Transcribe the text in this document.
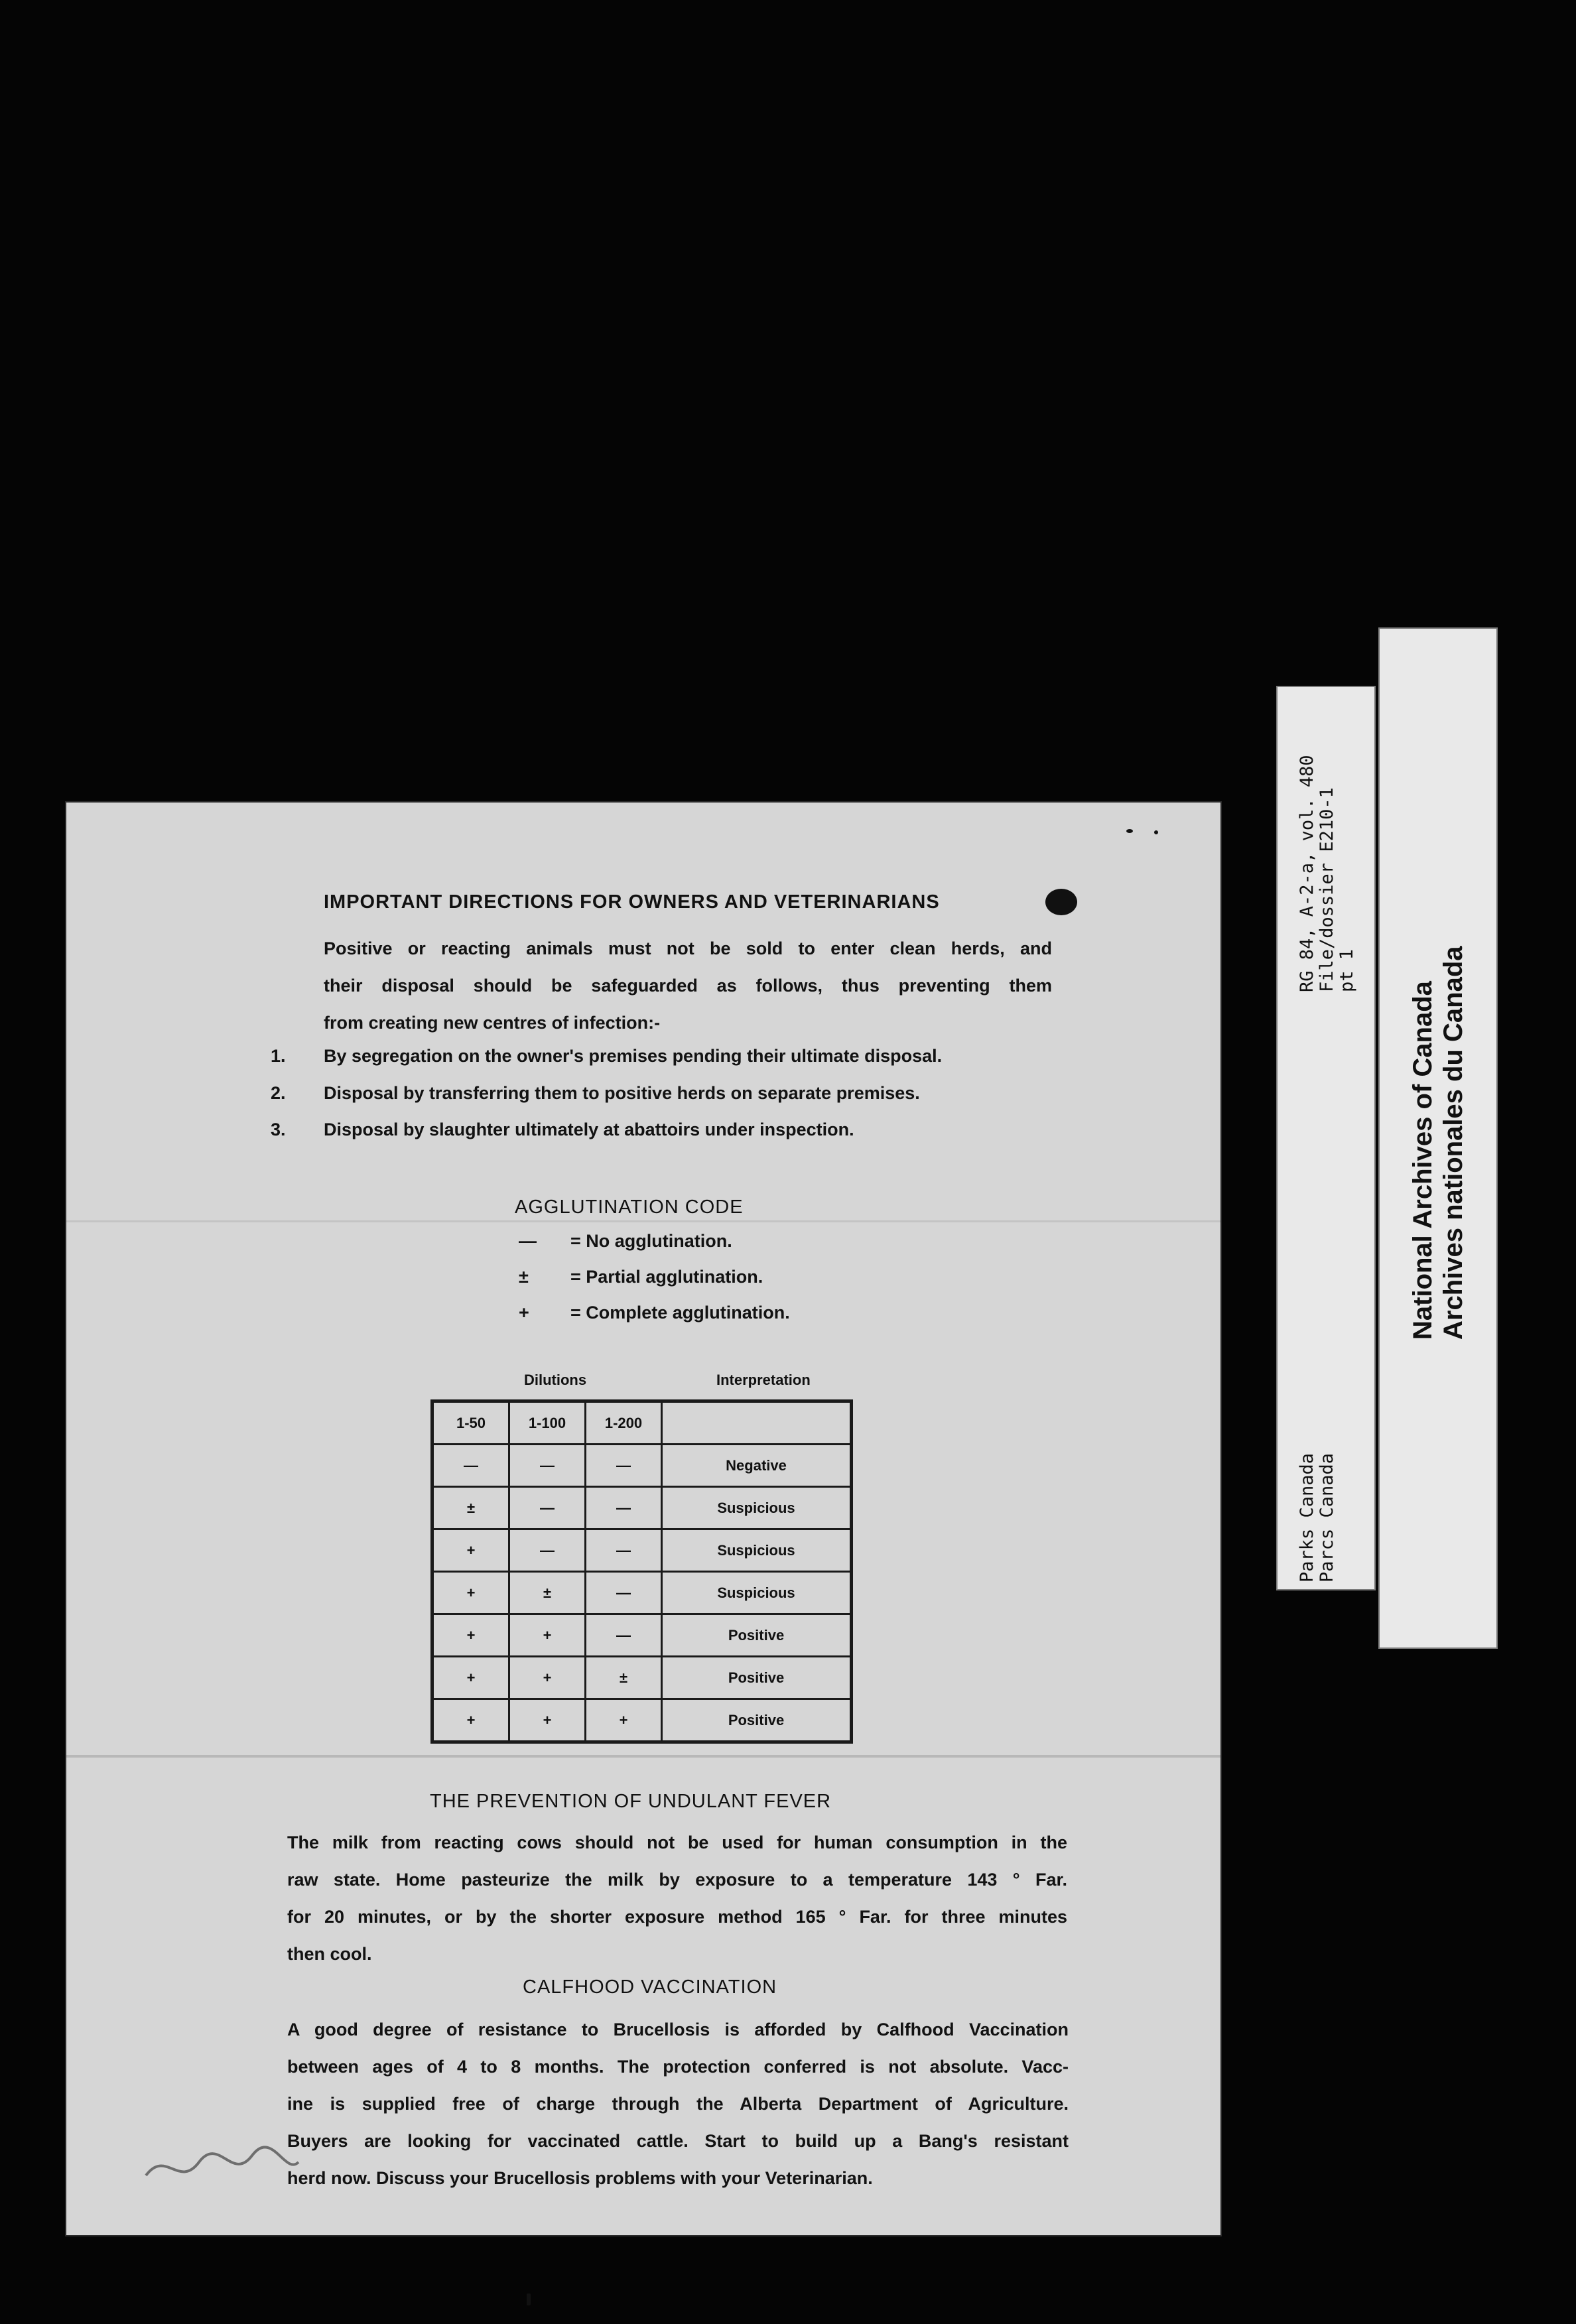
IMPORTANT DIRECTIONS FOR OWNERS AND VETERINARIANS
Positive or reacting animals must not be sold to enter clean herds, and
their disposal should be safeguarded as follows, thus preventing them
from creating new centres of infection:-
1. By segregation on the owner's premises pending their ultimate disposal.
2. Disposal by transferring them to positive herds on separate premises.
3. Disposal by slaughter ultimately at abattoirs under inspection.
AGGLUTINATION CODE
— = No agglutination.
± = Partial agglutination.
+ = Complete agglutination.
Dilutions	Interpretation
1-50	1-100	1-200	
—	—	—	Negative
±	—	—	Suspicious
+	—	—	Suspicious
+	±	—	Suspicious
+	+	—	Positive
+	+	±	Positive
+	+	+	Positive
THE PREVENTION OF UNDULANT FEVER
The milk from reacting cows should not be used for human consumption in the
raw state. Home pasteurize the milk by exposure to a temperature 143 ° Far.
for 20 minutes, or by the shorter exposure method 165 ° Far. for three minutes
then cool.
CALFHOOD VACCINATION
A good degree of resistance to Brucellosis is afforded by Calfhood Vaccination
between ages of 4 to 8 months. The protection conferred is not absolute. Vacc-
ine is supplied free of charge through the Alberta Department of Agriculture.
Buyers are looking for vaccinated cattle. Start to build up a Bang's resistant
herd now. Discuss your Brucellosis problems with your Veterinarian.
RG 84, A-2-a, vol. 480 File/dossier E210-1 pt 1
Parks Canada Parcs Canada
National Archives of Canada Archives nationales du Canada
